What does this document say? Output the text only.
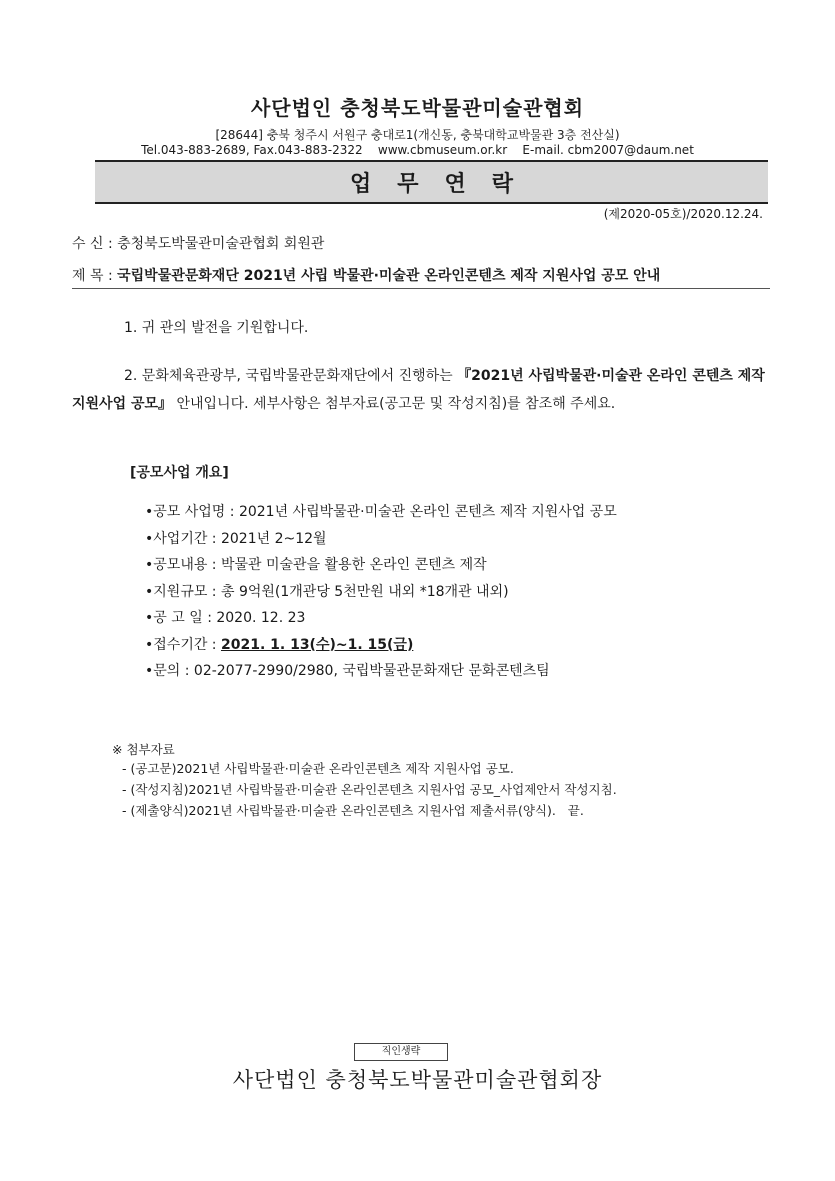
사단법인 충청북도박물관미술관협회
[28644] 충북 청주시 서원구 충대로1(개신동, 충북대학교박물관 3층 전산실)
Tel.043-883-2689, Fax.043-883-2322    www.cbmuseum.or.kr    E-mail. cbm2007@daum.net
업무연락
(제2020-05호)/2020.12.24.
수 신 : 충청북도박물관미술관협회 회원관
제 목 : 국립박물관문화재단 2021년 사립 박물관·미술관 온라인콘텐츠 제작 지원사업 공모 안내
1. 귀 관의 발전을 기원합니다.
2. 문화체육관광부, 국립박물관문화재단에서 진행하는 『2021년 사립박물관·미술관 온라인 콘텐츠 제작 지원사업 공모』 안내입니다. 세부사항은 첨부자료(공고문 및 작성지침)를 참조해 주세요.
[공모사업 개요]
• 공모 사업명 : 2021년 사립박물관·미술관 온라인 콘텐츠 제작 지원사업 공모
• 사업기간 : 2021년 2~12월
• 공모내용 : 박물관 미술관을 활용한 온라인 콘텐츠 제작
• 지원규모 : 총 9억원(1개관당 5천만원 내외 *18개관 내외)
• 공 고 일 : 2020. 12. 23
• 접수기간 : 2021. 1. 13(수)~1. 15(금)
• 문의 : 02-2077-2990/2980, 국립박물관문화재단 문화콘텐츠팀
※ 첨부자료
- (공고문)2021년 사립박물관·미술관 온라인콘텐츠 제작 지원사업 공모.
- (작성지침)2021년 사립박물관·미술관 온라인콘텐츠 지원사업 공모_사업제안서 작성지침.
- (제출양식)2021년 사립박물관·미술관 온라인콘텐츠 지원사업 제출서류(양식).   끝.
직인생략
사단법인 충청북도박물관미술관협회장
